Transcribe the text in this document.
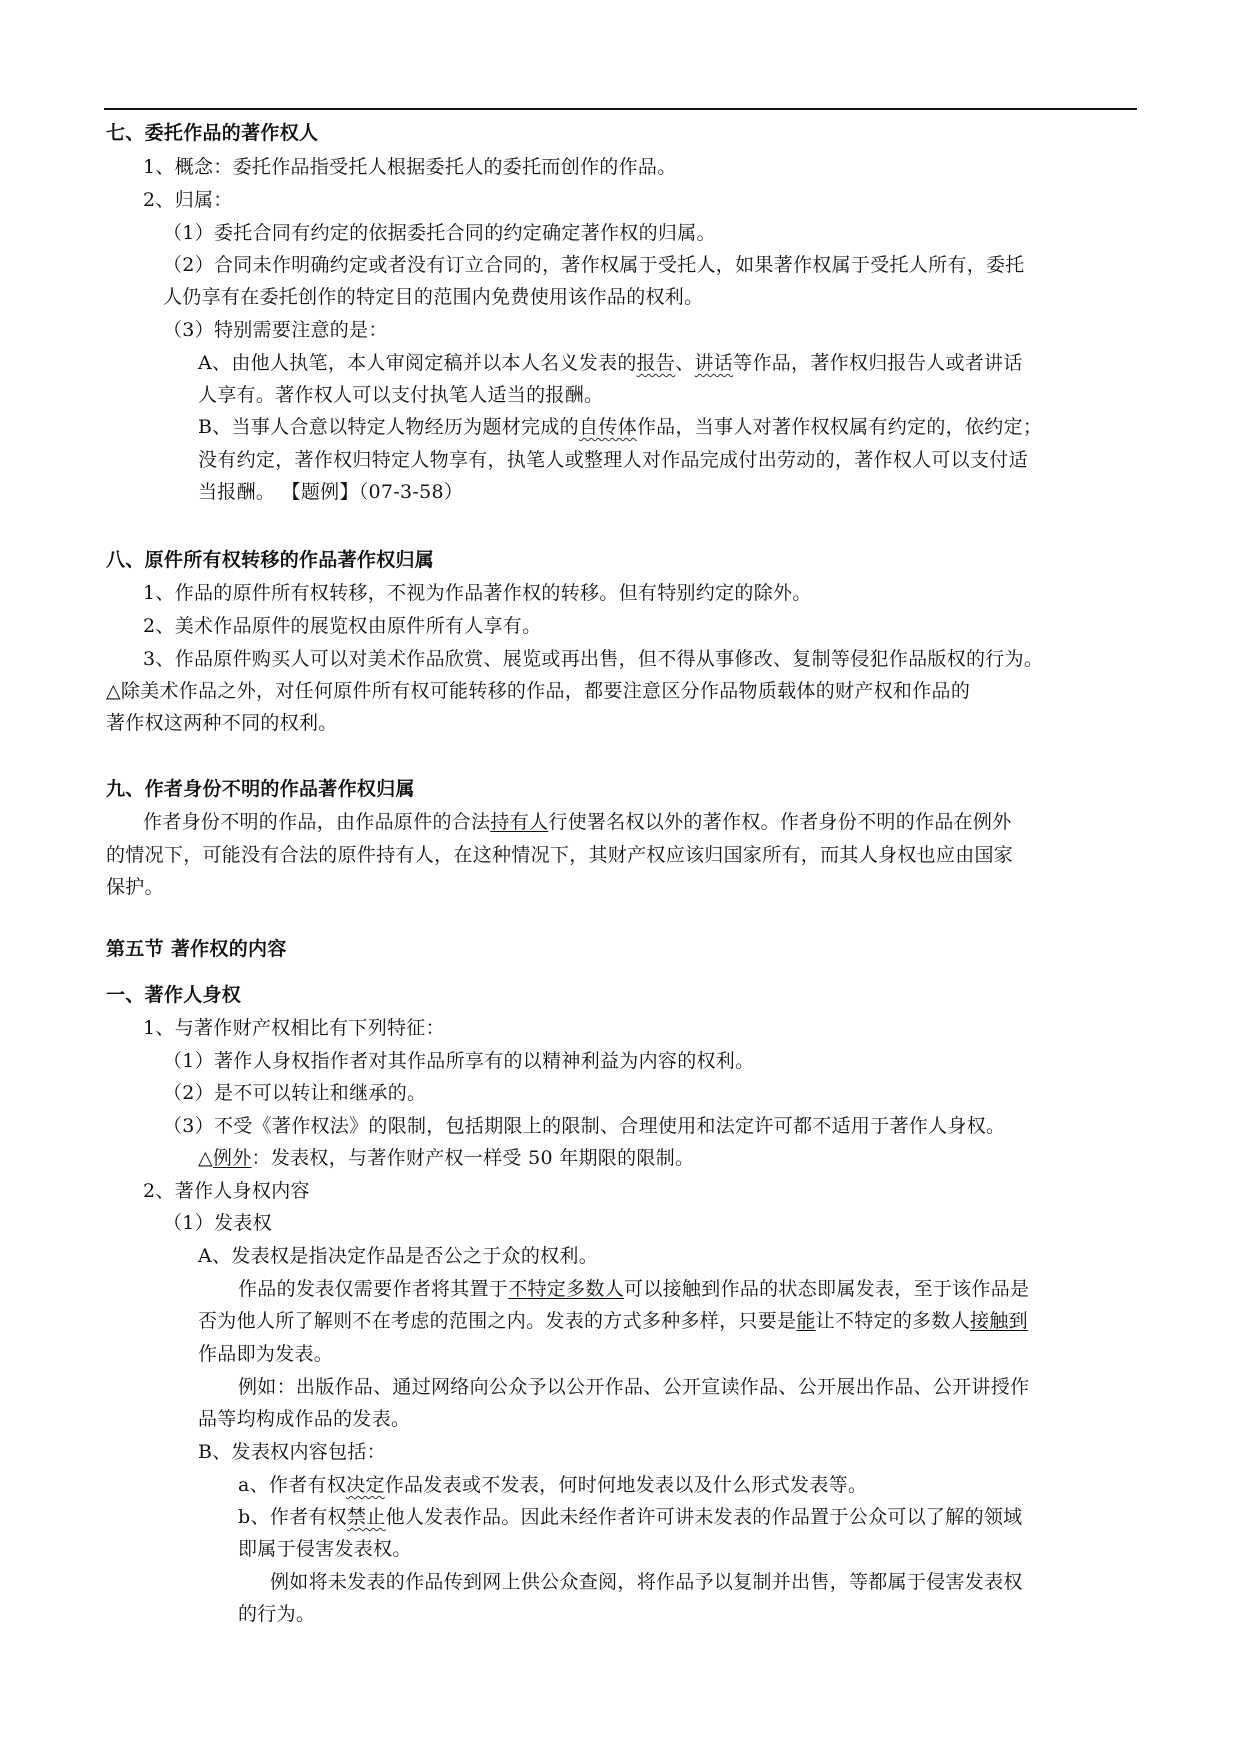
七、委托作品的著作权人
1、概念：委托作品指受托人根据委托人的委托而创作的作品。
2、归属：
（1）委托合同有约定的依据委托合同的约定确定著作权的归属。
（2）合同未作明确约定或者没有订立合同的，著作权属于受托人，如果著作权属于受托人所有，委托
人仍享有在委托创作的特定目的范围内免费使用该作品的权利。
（3）特别需要注意的是：
A、由他人执笔，本人审阅定稿并以本人名义发表的报告、讲话等作品，著作权归报告人或者讲话
人享有。著作权人可以支付执笔人适当的报酬。
B、当事人合意以特定人物经历为题材完成的自传体作品，当事人对著作权权属有约定的，依约定；
没有约定，著作权归特定人物享有，执笔人或整理人对作品完成付出劳动的，著作权人可以支付适
当报酬。 【题例】（07-3-58）
八、原件所有权转移的作品著作权归属
1、作品的原件所有权转移，不视为作品著作权的转移。但有特别约定的除外。
2、美术作品原件的展览权由原件所有人享有。
3、作品原件购买人可以对美术作品欣赏、展览或再出售，但不得从事修改、复制等侵犯作品版权的行为。
△除美术作品之外，对任何原件所有权可能转移的作品，都要注意区分作品物质载体的财产权和作品的
著作权这两种不同的权利。
九、作者身份不明的作品著作权归属
作者身份不明的作品，由作品原件的合法持有人行使署名权以外的著作权。作者身份不明的作品在例外
的情况下，可能没有合法的原件持有人，在这种情况下，其财产权应该归国家所有，而其人身权也应由国家
保护。
第五节 著作权的内容
一、著作人身权
1、与著作财产权相比有下列特征：
（1）著作人身权指作者对其作品所享有的以精神利益为内容的权利。
（2）是不可以转让和继承的。
（3）不受《著作权法》的限制，包括期限上的限制、合理使用和法定许可都不适用于著作人身权。
△例外：发表权，与著作财产权一样受 50 年期限的限制。
2、著作人身权内容
（1）发表权
A、发表权是指决定作品是否公之于众的权利。
作品的发表仅需要作者将其置于不特定多数人可以接触到作品的状态即属发表，至于该作品是
否为他人所了解则不在考虑的范围之内。发表的方式多种多样，只要是能让不特定的多数人接触到
作品即为发表。
例如：出版作品、通过网络向公众予以公开作品、公开宣读作品、公开展出作品、公开讲授作
品等均构成作品的发表。
B、发表权内容包括：
a、作者有权决定作品发表或不发表，何时何地发表以及什么形式发表等。
b、作者有权禁止他人发表作品。因此未经作者许可讲未发表的作品置于公众可以了解的领域
即属于侵害发表权。
例如将未发表的作品传到网上供公众查阅，将作品予以复制并出售，等都属于侵害发表权
的行为。
